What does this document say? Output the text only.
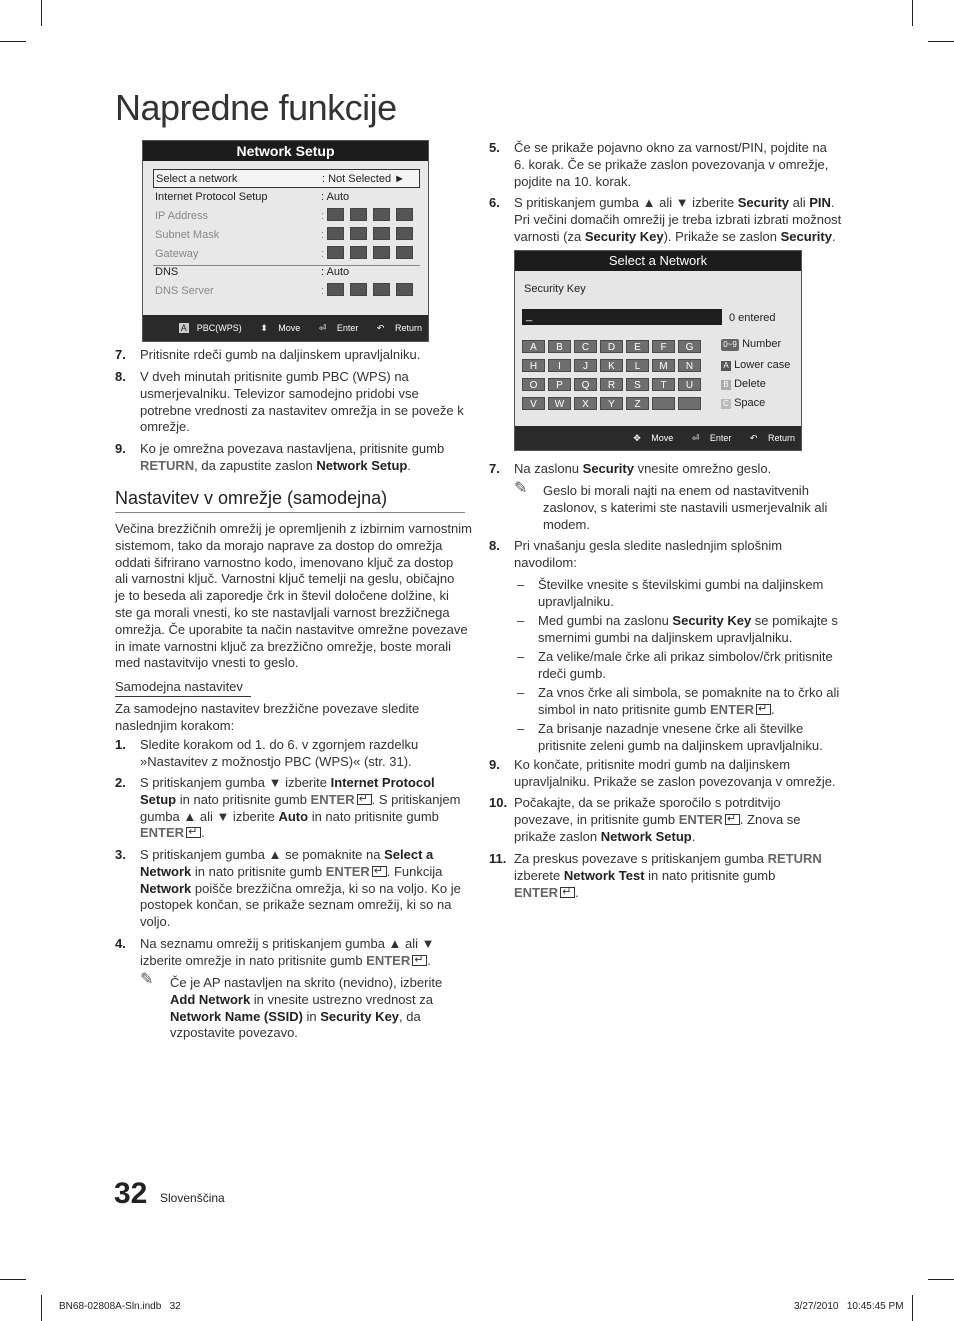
Napredne funkcije
Network Setup
Select a network	: Not Selected ►
Internet Protocol Setup	: Auto
IP Address	:
Subnet Mask	:
Gateway	:
DNS	: Auto
DNS Server	:
A PBC(WPS) ⬍ Move ⏎ Enter ↶ Return
7. Pritisnite rdeči gumb na daljinskem upravljalniku.
8. V dveh minutah pritisnite gumb PBC (WPS) na
usmerjevalniku. Televizor samodejno pridobi vse
potrebne vrednosti za nastavitev omrežja in se poveže k
omrežje.
9. Ko je omrežna povezava nastavljena, pritisnite gumb
RETURN, da zapustite zaslon Network Setup.
Nastavitev v omrežje (samodejna)
Večina brezžičnih omrežij je opremljenih z izbirnim varnostnim
sistemom, tako da morajo naprave za dostop do omrežja
oddati šifrirano varnostno kodo, imenovano ključ za dostop
ali varnostni ključ. Varnostni ključ temelji na geslu, običajno
je to beseda ali zaporedje črk in števil določene dolžine, ki
ste ga morali vnesti, ko ste nastavljali varnost brezžičnega
omrežja. Če uporabite ta način nastavitve omrežne povezave
in imate varnostni ključ za brezžično omrežje, boste morali
med nastavitvijo vnesti to geslo.
Samodejna nastavitev
Za samodejno nastavitev brezžične povezave sledite
naslednjim korakom:
1. Sledite korakom od 1. do 6. v zgornjem razdelku
»Nastavitev z možnostjo PBC (WPS)« (str. 31).
2. S pritiskanjem gumba ▼ izberite Internet Protocol
Setup in nato pritisnite gumb ENTER ↵ . S pritiskanjem
gumba ▲ ali ▼ izberite Auto in nato pritisnite gumb
ENTER ↵ .
3. S pritiskanjem gumba ▲ se pomaknite na Select a
Network in nato pritisnite gumb ENTER ↵ . Funkcija
Network poišče brezžična omrežja, ki so na voljo. Ko je
postopek končan, se prikaže seznam omrežij, ki so na
voljo.
4. Na seznamu omrežij s pritiskanjem gumba ▲ ali ▼
izberite omrežje in nato pritisnite gumb ENTER ↵ .
✎ Če je AP nastavljen na skrito (nevidno), izberite
Add Network in vnesite ustrezno vrednost za
Network Name (SSID) in Security Key, da
vzpostavite povezavo.
5. Če se prikaže pojavno okno za varnost/PIN, pojdite na
6. korak. Če se prikaže zaslon povezovanja v omrežje,
pojdite na 10. korak.
6. S pritiskanjem gumba ▲ ali ▼ izberite Security ali PIN.
Pri večini domačih omrežij je treba izbrati izbrati možnost
varnosti (za Security Key). Prikaže se zaslon Security.
Select a Network
Security Key
_	0 entered
A B C D E F G
H I J K L M N
O P Q R S T U
V W X Y Z
0~9 Number
A Lower case
B Delete
C Space
✥ Move ⏎ Enter ↶ Return
7. Na zaslonu Security vnesite omrežno geslo.
✎ Geslo bi morali najti na enem od nastavitvenih
zaslonov, s katerimi ste nastavili usmerjevalnik ali
modem.
8. Pri vnašanju gesla sledite naslednjim splošnim
navodilom:
– Številke vnesite s številskimi gumbi na daljinskem
upravljalniku.
– Med gumbi na zaslonu Security Key se pomikajte s
smernimi gumbi na daljinskem upravljalniku.
– Za velike/male črke ali prikaz simbolov/črk pritisnite
rdeči gumb.
– Za vnos črke ali simbola, se pomaknite na to črko ali
simbol in nato pritisnite gumb ENTER ↵ .
– Za brisanje nazadnje vnesene črke ali številke
pritisnite zeleni gumb na daljinskem upravljalniku.
9. Ko končate, pritisnite modri gumb na daljinskem
upravljalniku. Prikaže se zaslon povezovanja v omrežje.
10. Počakajte, da se prikaže sporočilo s potrditvijo
povezave, in pritisnite gumb ENTER ↵ . Znova se
prikaže zaslon Network Setup.
11. Za preskus povezave s pritiskanjem gumba RETURN
izberete Network Test in nato pritisnite gumb
ENTER ↵ .
32 Slovenščina
BN68-02808A-Sln.indb   32	3/27/2010   10:45:45 PM
